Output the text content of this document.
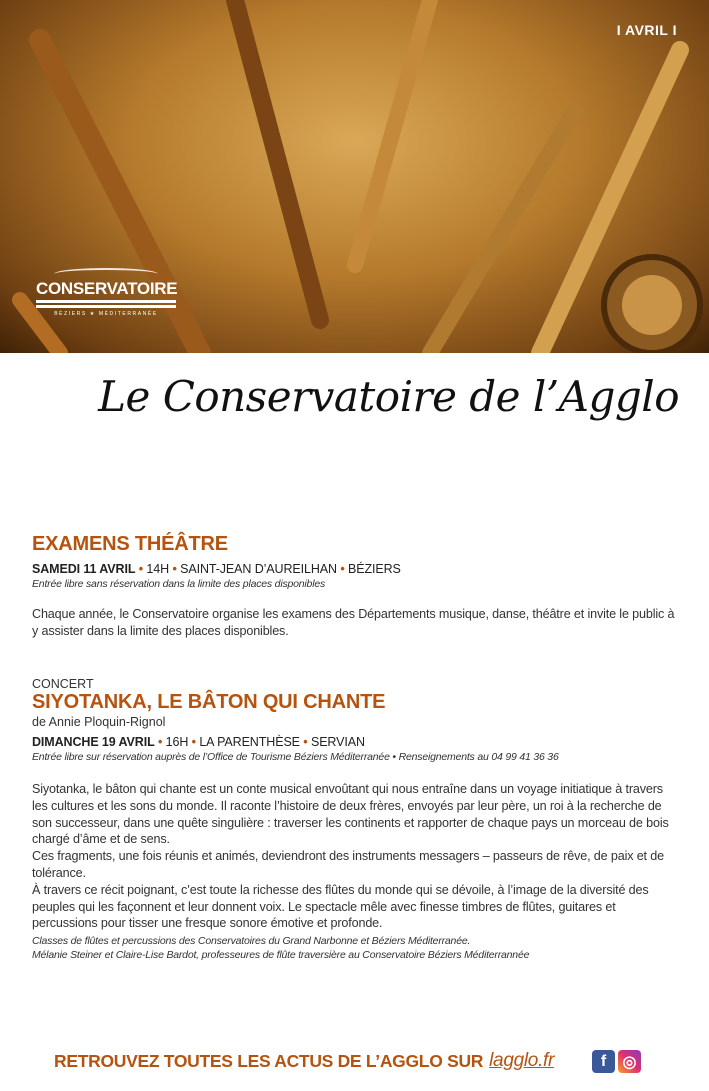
I AVRIL I
CONSERVATOIRE
BÉZIERS ★ MÉDITERRANÉE
Le Conservatoire de l’Agglo
EXAMENS THÉÂTRE
SAMEDI 11 AVRIL • 14H • SAINT-JEAN D’AUREILHAN • BÉZIERS
Entrée libre sans réservation dans la limite des places disponibles

Chaque année, le Conservatoire organise les examens des Départements musique, danse, théâtre et invite le public à y assister dans la limite des places disponibles.

CONCERT
SIYOTANKA, LE BÂTON QUI CHANTE
de Annie Ploquin-Rignol
DIMANCHE 19 AVRIL • 16H • LA PARENTHÈSE • SERVIAN
Entrée libre sur réservation auprès de l’Office de Tourisme Béziers Méditerranée • Renseignements au 04 99 41 36 36

Siyotanka, le bâton qui chante est un conte musical envoûtant qui nous entraîne dans un voyage initiatique à travers les cultures et les sons du monde. Il raconte l’histoire de deux frères, envoyés par leur père, un roi à la recherche de son successeur, dans une quête singulière : traverser les continents et rapporter de chaque pays un morceau de bois chargé d’âme et de sens.

Ces fragments, une fois réunis et animés, deviendront des instruments messagers – passeurs de rêve, de paix et de tolérance.

À travers ce récit poignant, c’est toute la richesse des flûtes du monde qui se dévoile, à l’image de la diversité des peuples qui les façonnent et leur donnent voix. Le spectacle mêle avec finesse timbres de flûtes, guitares et percussions pour tisser une fresque sonore émotive et profonde.

Classes de flûtes et percussions des Conservatoires du Grand Narbonne et Béziers Méditerranée.
Mélanie Steiner et Claire-Lise Bardot, professeures de flûte traversière au Conservatoire Béziers Méditerrannée
RETROUVEZ TOUTES LES ACTUS DE L’AGGLO SUR lagglo.fr	f	◎
